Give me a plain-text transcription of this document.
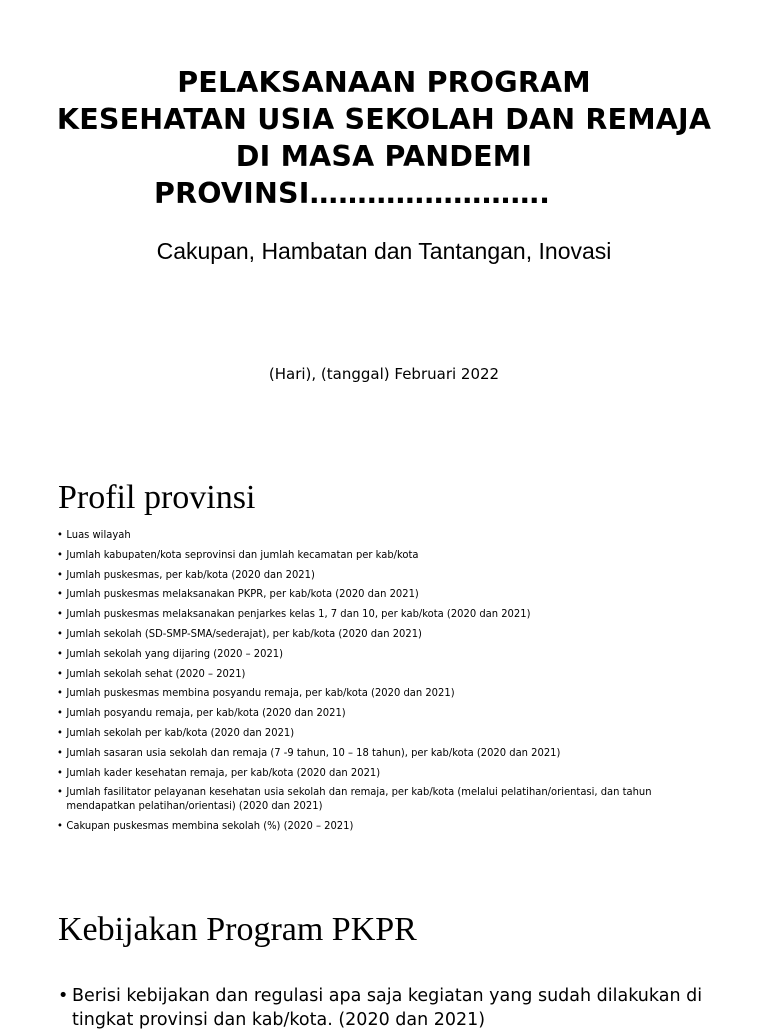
PELAKSANAAN PROGRAM
KESEHATAN USIA SEKOLAH DAN REMAJA
DI MASA PANDEMI
PROVINSI…………………….
Cakupan, Hambatan dan Tantangan, Inovasi
(Hari), (tanggal) Februari 2022
Profil provinsi
• Luas wilayah
• Jumlah kabupaten/kota seprovinsi dan jumlah kecamatan per kab/kota
• Jumlah puskesmas, per kab/kota (2020 dan 2021)
• Jumlah puskesmas melaksanakan PKPR, per kab/kota (2020 dan 2021)
• Jumlah puskesmas melaksanakan penjarkes kelas 1, 7 dan 10, per kab/kota (2020 dan 2021)
• Jumlah sekolah (SD-SMP-SMA/sederajat), per kab/kota (2020 dan 2021)
• Jumlah sekolah yang dijaring (2020 – 2021)
• Jumlah sekolah sehat (2020 – 2021)
• Jumlah puskesmas membina posyandu remaja, per kab/kota (2020 dan 2021)
• Jumlah posyandu remaja, per kab/kota (2020 dan 2021)
• Jumlah sekolah per kab/kota (2020 dan 2021)
• Jumlah sasaran usia sekolah dan remaja (7 -9 tahun, 10 – 18 tahun), per kab/kota (2020 dan 2021)
• Jumlah kader kesehatan remaja, per kab/kota (2020 dan 2021)
• Jumlah fasilitator pelayanan kesehatan usia sekolah dan remaja, per kab/kota (melalui pelatihan/orientasi, dan tahun mendapatkan pelatihan/orientasi) (2020 dan 2021)
• Cakupan puskesmas membina sekolah (%) (2020 – 2021)
Kebijakan Program PKPR
• Berisi kebijakan dan regulasi apa saja kegiatan yang sudah dilakukan di tingkat provinsi dan kab/kota. (2020 dan 2021)
